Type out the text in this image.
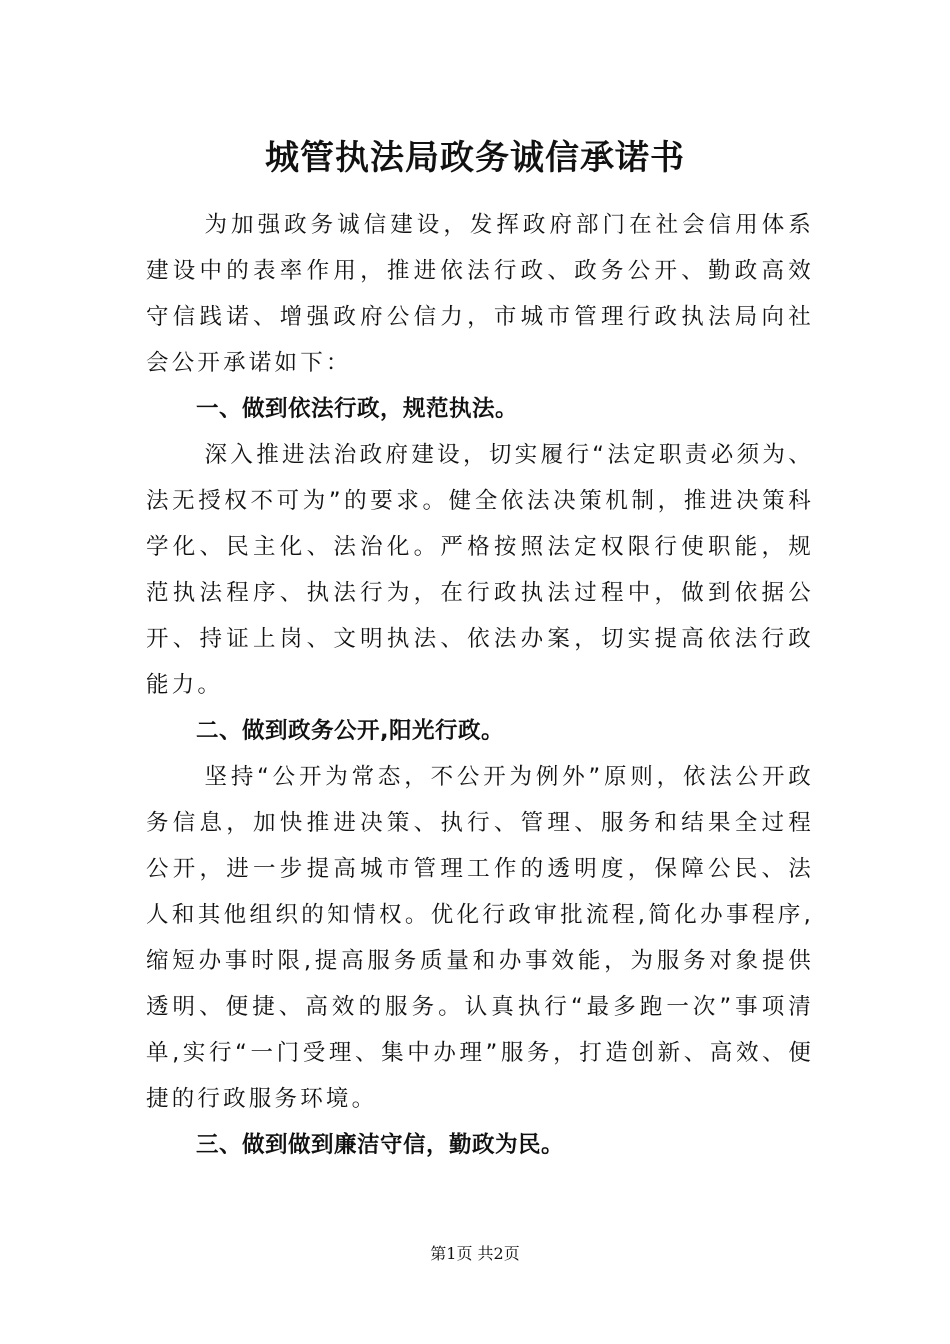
城管执法局政务诚信承诺书

为加强政务诚信建设，发挥政府部门在社会信用体系建设中的表率作用，推进依法行政、政务公开、勤政高效守信践诺、增强政府公信力，市城市管理行政执法局向社会公开承诺如下：

一、做到依法行政，规范执法。

深入推进法治政府建设，切实履行“法定职责必须为、法无授权不可为”的要求。健全依法决策机制，推进决策科学化、民主化、法治化。严格按照法定权限行使职能，规范执法程序、执法行为，在行政执法过程中，做到依据公开、持证上岗、文明执法、依法办案，切实提高依法行政能力。

二、做到政务公开,阳光行政。

坚持“公开为常态，不公开为例外”原则，依法公开政务信息，加快推进决策、执行、管理、服务和结果全过程公开，进一步提高城市管理工作的透明度，保障公民、法人和其他组织的知情权。优化行政审批流程,简化办事程序,缩短办事时限,提高服务质量和办事效能，为服务对象提供透明、便捷、高效的服务。认真执行“最多跑一次”事项清单,实行“一门受理、集中办理”服务，打造创新、高效、便捷的行政服务环境。

三、做到做到廉洁守信，勤政为民。

第1页 共2页
